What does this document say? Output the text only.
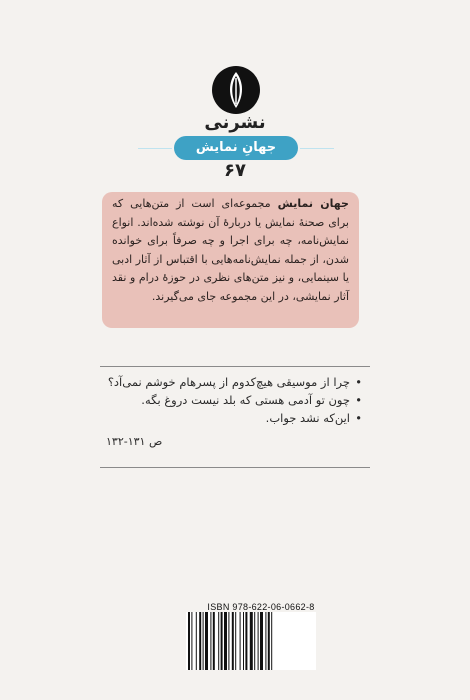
نشرنی
جهانِ نمایش
۶۷
جهان نمایش مجموعه‌ای است از متن‌هایی که برای صحنهٔ نمایش یا دربارهٔ آن نوشته شده‌اند. انواع نمایش‌نامه، چه برای اجرا و چه صرفاً برای خوانده شدن، از جمله نمایش‌نامه‌هایی با اقتباس از آثار ادبی یا سینمایی، و نیز متن‌های نظری در حوزهٔ درام و نقد آثار نمایشی، در این مجموعه جای می‌گیرند.
•
چرا از موسیقی هیچ‌کدوم از پسرهام خوشم نمی‌آد؟
•
چون تو آدمی هستی که بلد نیست دروغ بگه.
•
این‌که نشد جواب.
ص ۱۳۱-۱۳۲
ISBN 978-622-06-0662-8
